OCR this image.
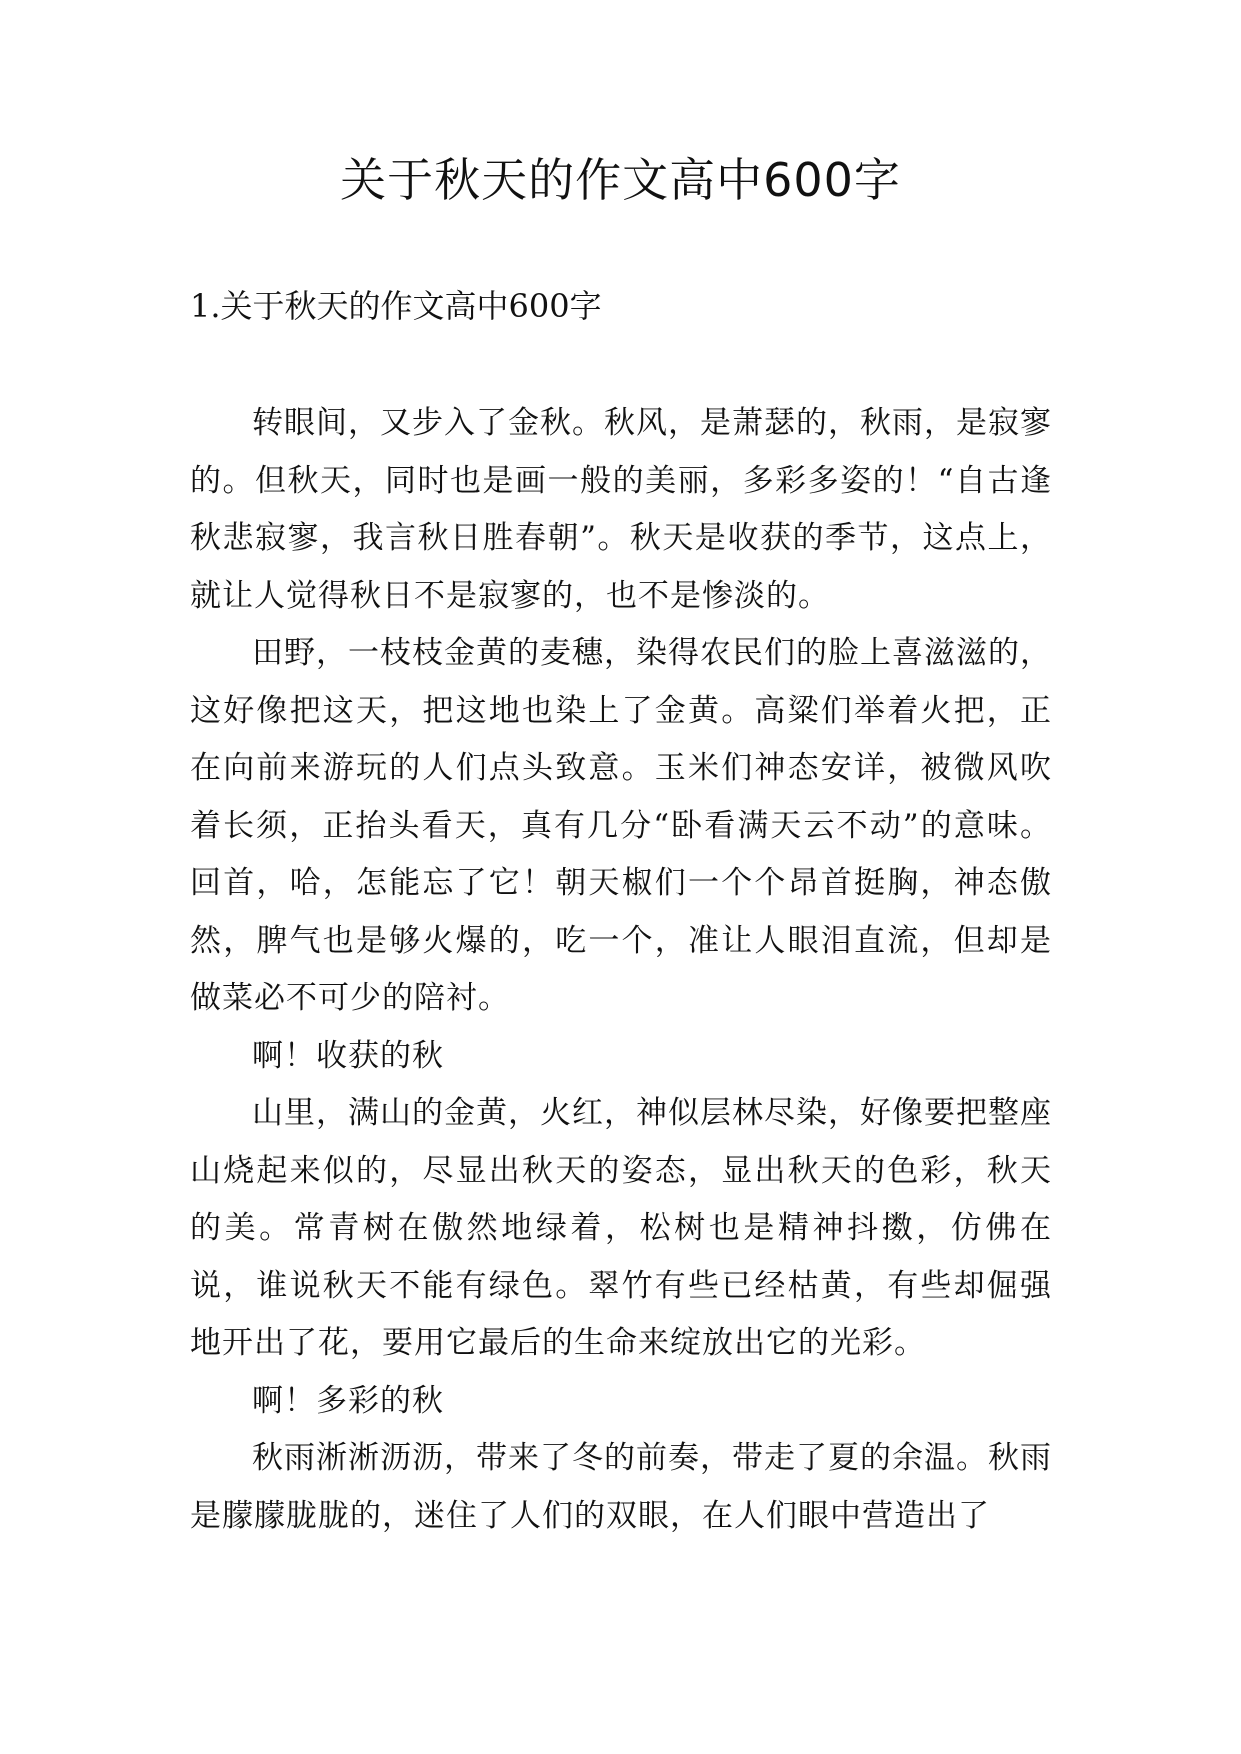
关于秋天的作文高中600字
1.关于秋天的作文高中600字

转眼间，又步入了金秋。秋风，是萧瑟的，秋雨，是寂寥的。但秋天，同时也是画一般的美丽，多彩多姿的！“自古逢秋悲寂寥，我言秋日胜春朝”。秋天是收获的季节，这点上，就让人觉得秋日不是寂寥的，也不是惨淡的。

田野，一枝枝金黄的麦穗，染得农民们的脸上喜滋滋的，这好像把这天，把这地也染上了金黄。高粱们举着火把，正在向前来游玩的人们点头致意。玉米们神态安详，被微风吹着长须，正抬头看天，真有几分“卧看满天云不动”的意味。回首，哈，怎能忘了它！朝天椒们一个个昂首挺胸，神态傲然，脾气也是够火爆的，吃一个，准让人眼泪直流，但却是做菜必不可少的陪衬。

啊！收获的秋

山里，满山的金黄，火红，神似层林尽染，好像要把整座山烧起来似的，尽显出秋天的姿态，显出秋天的色彩，秋天的美。常青树在傲然地绿着，松树也是精神抖擞，仿佛在说，谁说秋天不能有绿色。翠竹有些已经枯黄，有些却倔强地开出了花，要用它最后的生命来绽放出它的光彩。

啊！多彩的秋

秋雨淅淅沥沥，带来了冬的前奏，带走了夏的余温。秋雨是朦朦胧胧的，迷住了人们的双眼，在人们眼中营造出了
